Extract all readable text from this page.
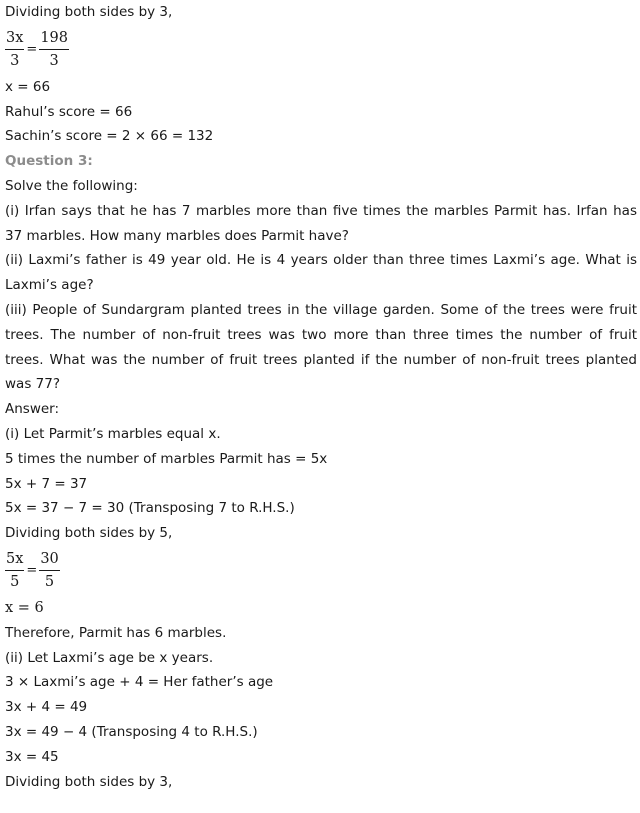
Dividing both sides by 3,
$\frac{3x}{3} = \frac{198}{3}$
x = 66
Rahul’s score = 66
Sachin’s score = 2 × 66 = 132
Question 3:
Solve the following:
(i) Irfan says that he has 7 marbles more than five times the marbles Parmit has. Irfan has 37 marbles. How many marbles does Parmit have?
(ii) Laxmi’s father is 49 year old. He is 4 years older than three times Laxmi’s age. What is Laxmi’s age?
(iii) People of Sundargram planted trees in the village garden. Some of the trees were fruit trees. The number of non-fruit trees was two more than three times the number of fruit trees. What was the number of fruit trees planted if the number of non-fruit trees planted was 77?
Answer:
(i) Let Parmit’s marbles equal x.
5 times the number of marbles Parmit has = 5x
5x + 7 = 37
5x = 37 − 7 = 30 (Transposing 7 to R.H.S.)
Dividing both sides by 5,
$\frac{5x}{5} = \frac{30}{5}$
x = 6
Therefore, Parmit has 6 marbles.
(ii) Let Laxmi’s age be x years.
3 × Laxmi’s age + 4 = Her father’s age
3x + 4 = 49
3x = 49 − 4 (Transposing 4 to R.H.S.)
3x = 45
Dividing both sides by 3,
